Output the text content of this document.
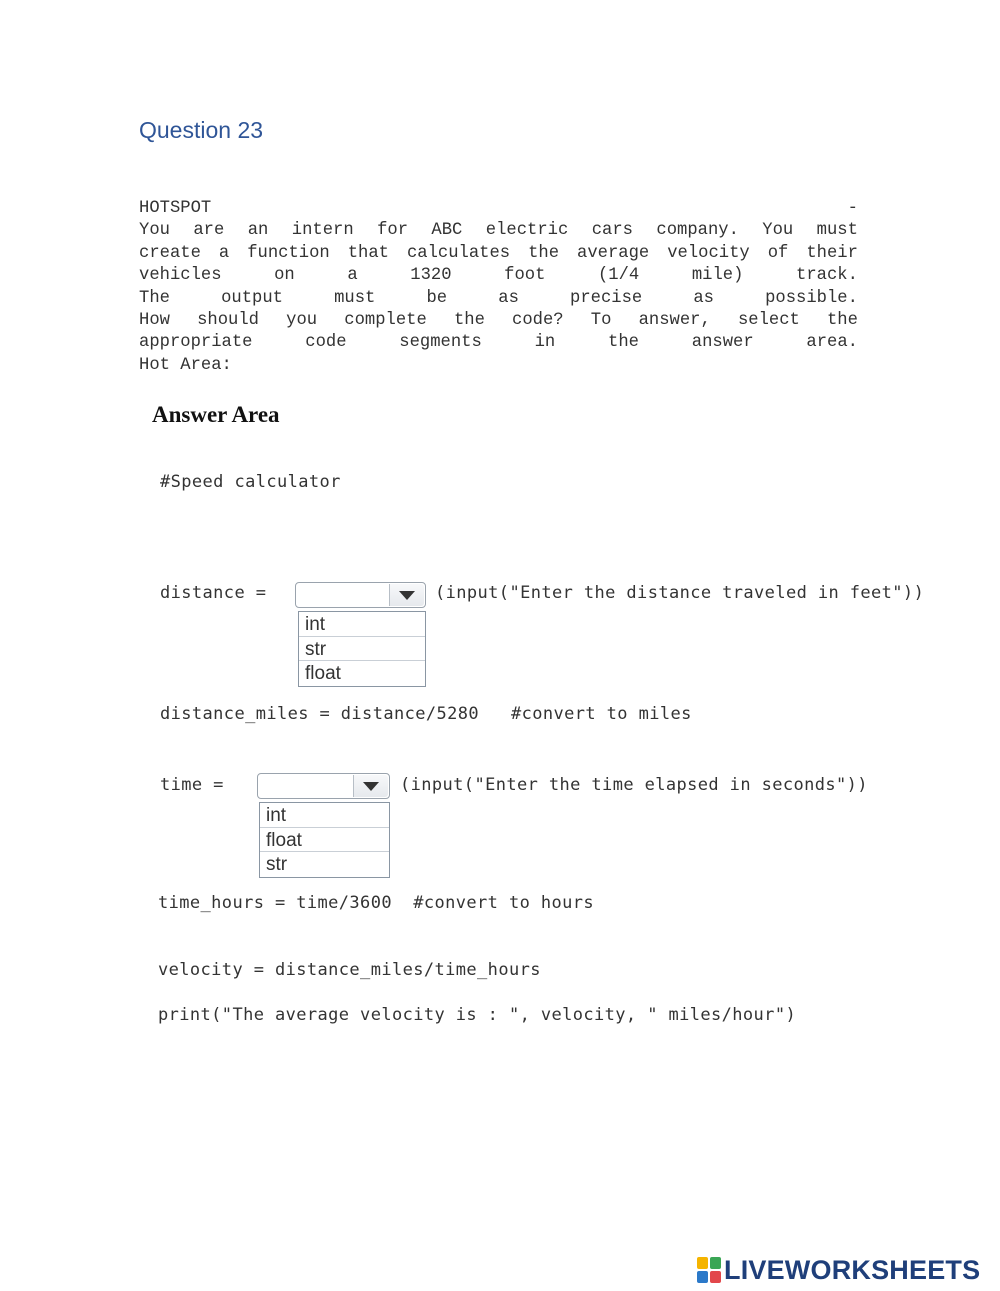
Question 23
HOTSPOT	-
You are an intern for ABC electric cars company. You must
create a function that calculates the average velocity of their
vehicles	on	a	1320	foot	(1/4	mile)	track.
The	output	must	be	as	precise	as	possible.
How should you complete the code? To answer, select the
appropriate	code	segments	in	the	answer	area.
Hot Area:
Answer Area
#Speed calculator
distance =	(input("Enter the distance traveled in feet"))
int
str
float
distance_miles = distance/5280   #convert to miles
time =	(input("Enter the time elapsed in seconds"))
int
float
str
time_hours = time/3600  #convert to hours
velocity = distance_miles/time_hours
print("The average velocity is : ", velocity, " miles/hour")
LIVEWORKSHEETS
